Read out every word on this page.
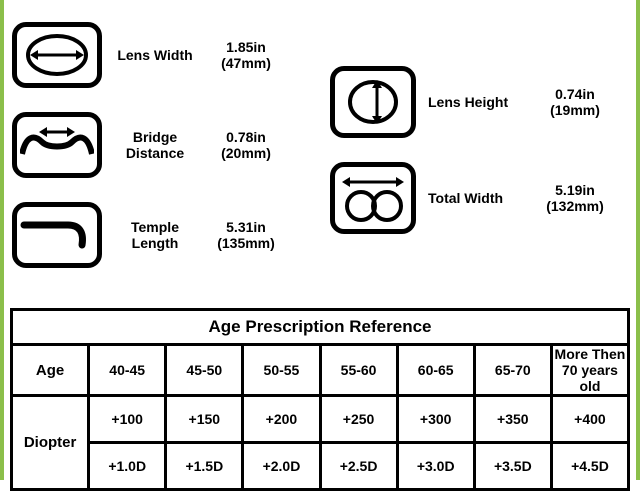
Lens Width
1.85in
(47mm)
Bridge
Distance
0.78in
(20mm)
Temple
Length
5.31in
(135mm)
Lens Height
0.74in
(19mm)
Total Width
5.19in
(132mm)
Age Prescription Reference							
Age	40-45	45-50	50-55	55-60	60-65	65-70	More Then
70 years old

Diopter	+100	+150	+200	+250	+300	+350	+400
	+1.0D	+1.5D	+2.0D	+2.5D	+3.0D	+3.5D	+4.5D
